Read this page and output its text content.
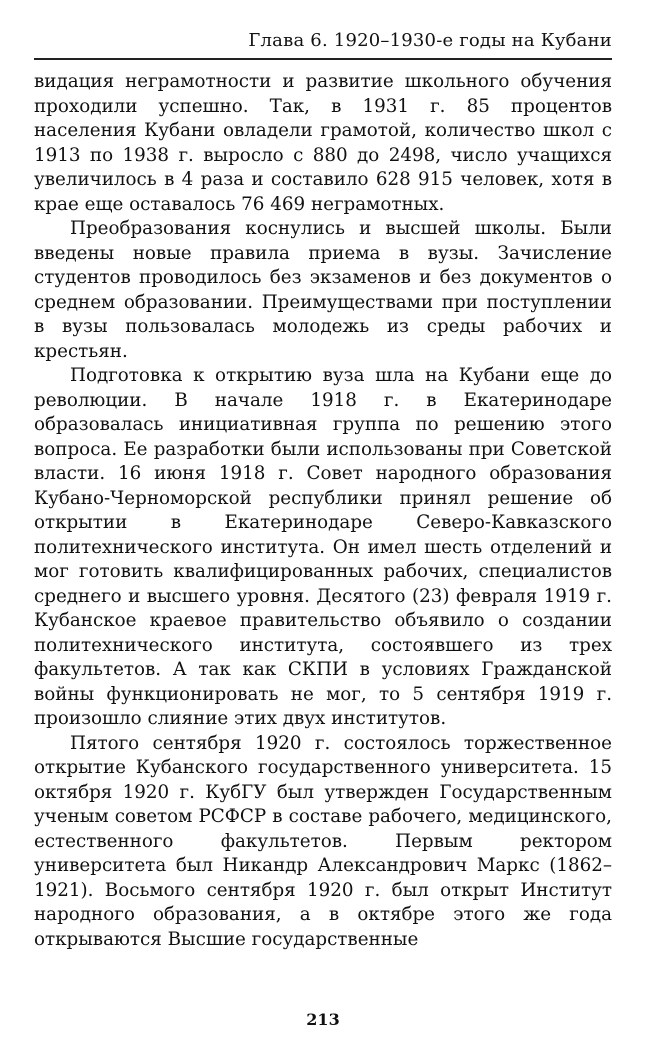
Глава 6. 1920–1930-е годы на Кубани

видация неграмотности и развитие школьного обучения проходили успешно. Так, в 1931 г. 85 процентов населения Кубани овладели грамотой, количество школ с 1913 по 1938 г. выросло с 880 до 2498, число учащихся увеличилось в 4 раза и составило 628 915 человек, хотя в крае еще оставалось 76 469 неграмотных.

Преобразования коснулись и высшей школы. Были введены новые правила приема в вузы. Зачисление студентов проводилось без экзаменов и без документов о среднем образовании. Преимуществами при поступлении в вузы пользовалась молодежь из среды рабочих и крестьян.

Подготовка к открытию вуза шла на Кубани еще до революции. В начале 1918 г. в Екатеринодаре образовалась инициативная группа по решению этого вопроса. Ее разработки были использованы при Советской власти. 16 июня 1918 г. Совет народного образования Кубано-Черноморской республики принял решение об открытии в Екатеринодаре Северо-Кавказского политехнического института. Он имел шесть отделений и мог готовить квалифицированных рабочих, специалистов среднего и высшего уровня. Десятого (23) февраля 1919 г. Кубанское краевое правительство объявило о создании политехнического института, состоявшего из трех факультетов. А так как СКПИ в условиях Гражданской войны функционировать не мог, то 5 сентября 1919 г. произошло слияние этих двух институтов.

Пятого сентября 1920 г. состоялось торжественное открытие Кубанского государственного университета. 15 октября 1920 г. КубГУ был утвержден Государственным ученым советом РСФСР в составе рабочего, медицинского, естественного факультетов. Первым ректором университета был Никандр Александрович Маркс (1862–1921). Восьмого сентября 1920 г. был открыт Институт народного образования, а в октябре этого же года открываются Высшие государственные

213
